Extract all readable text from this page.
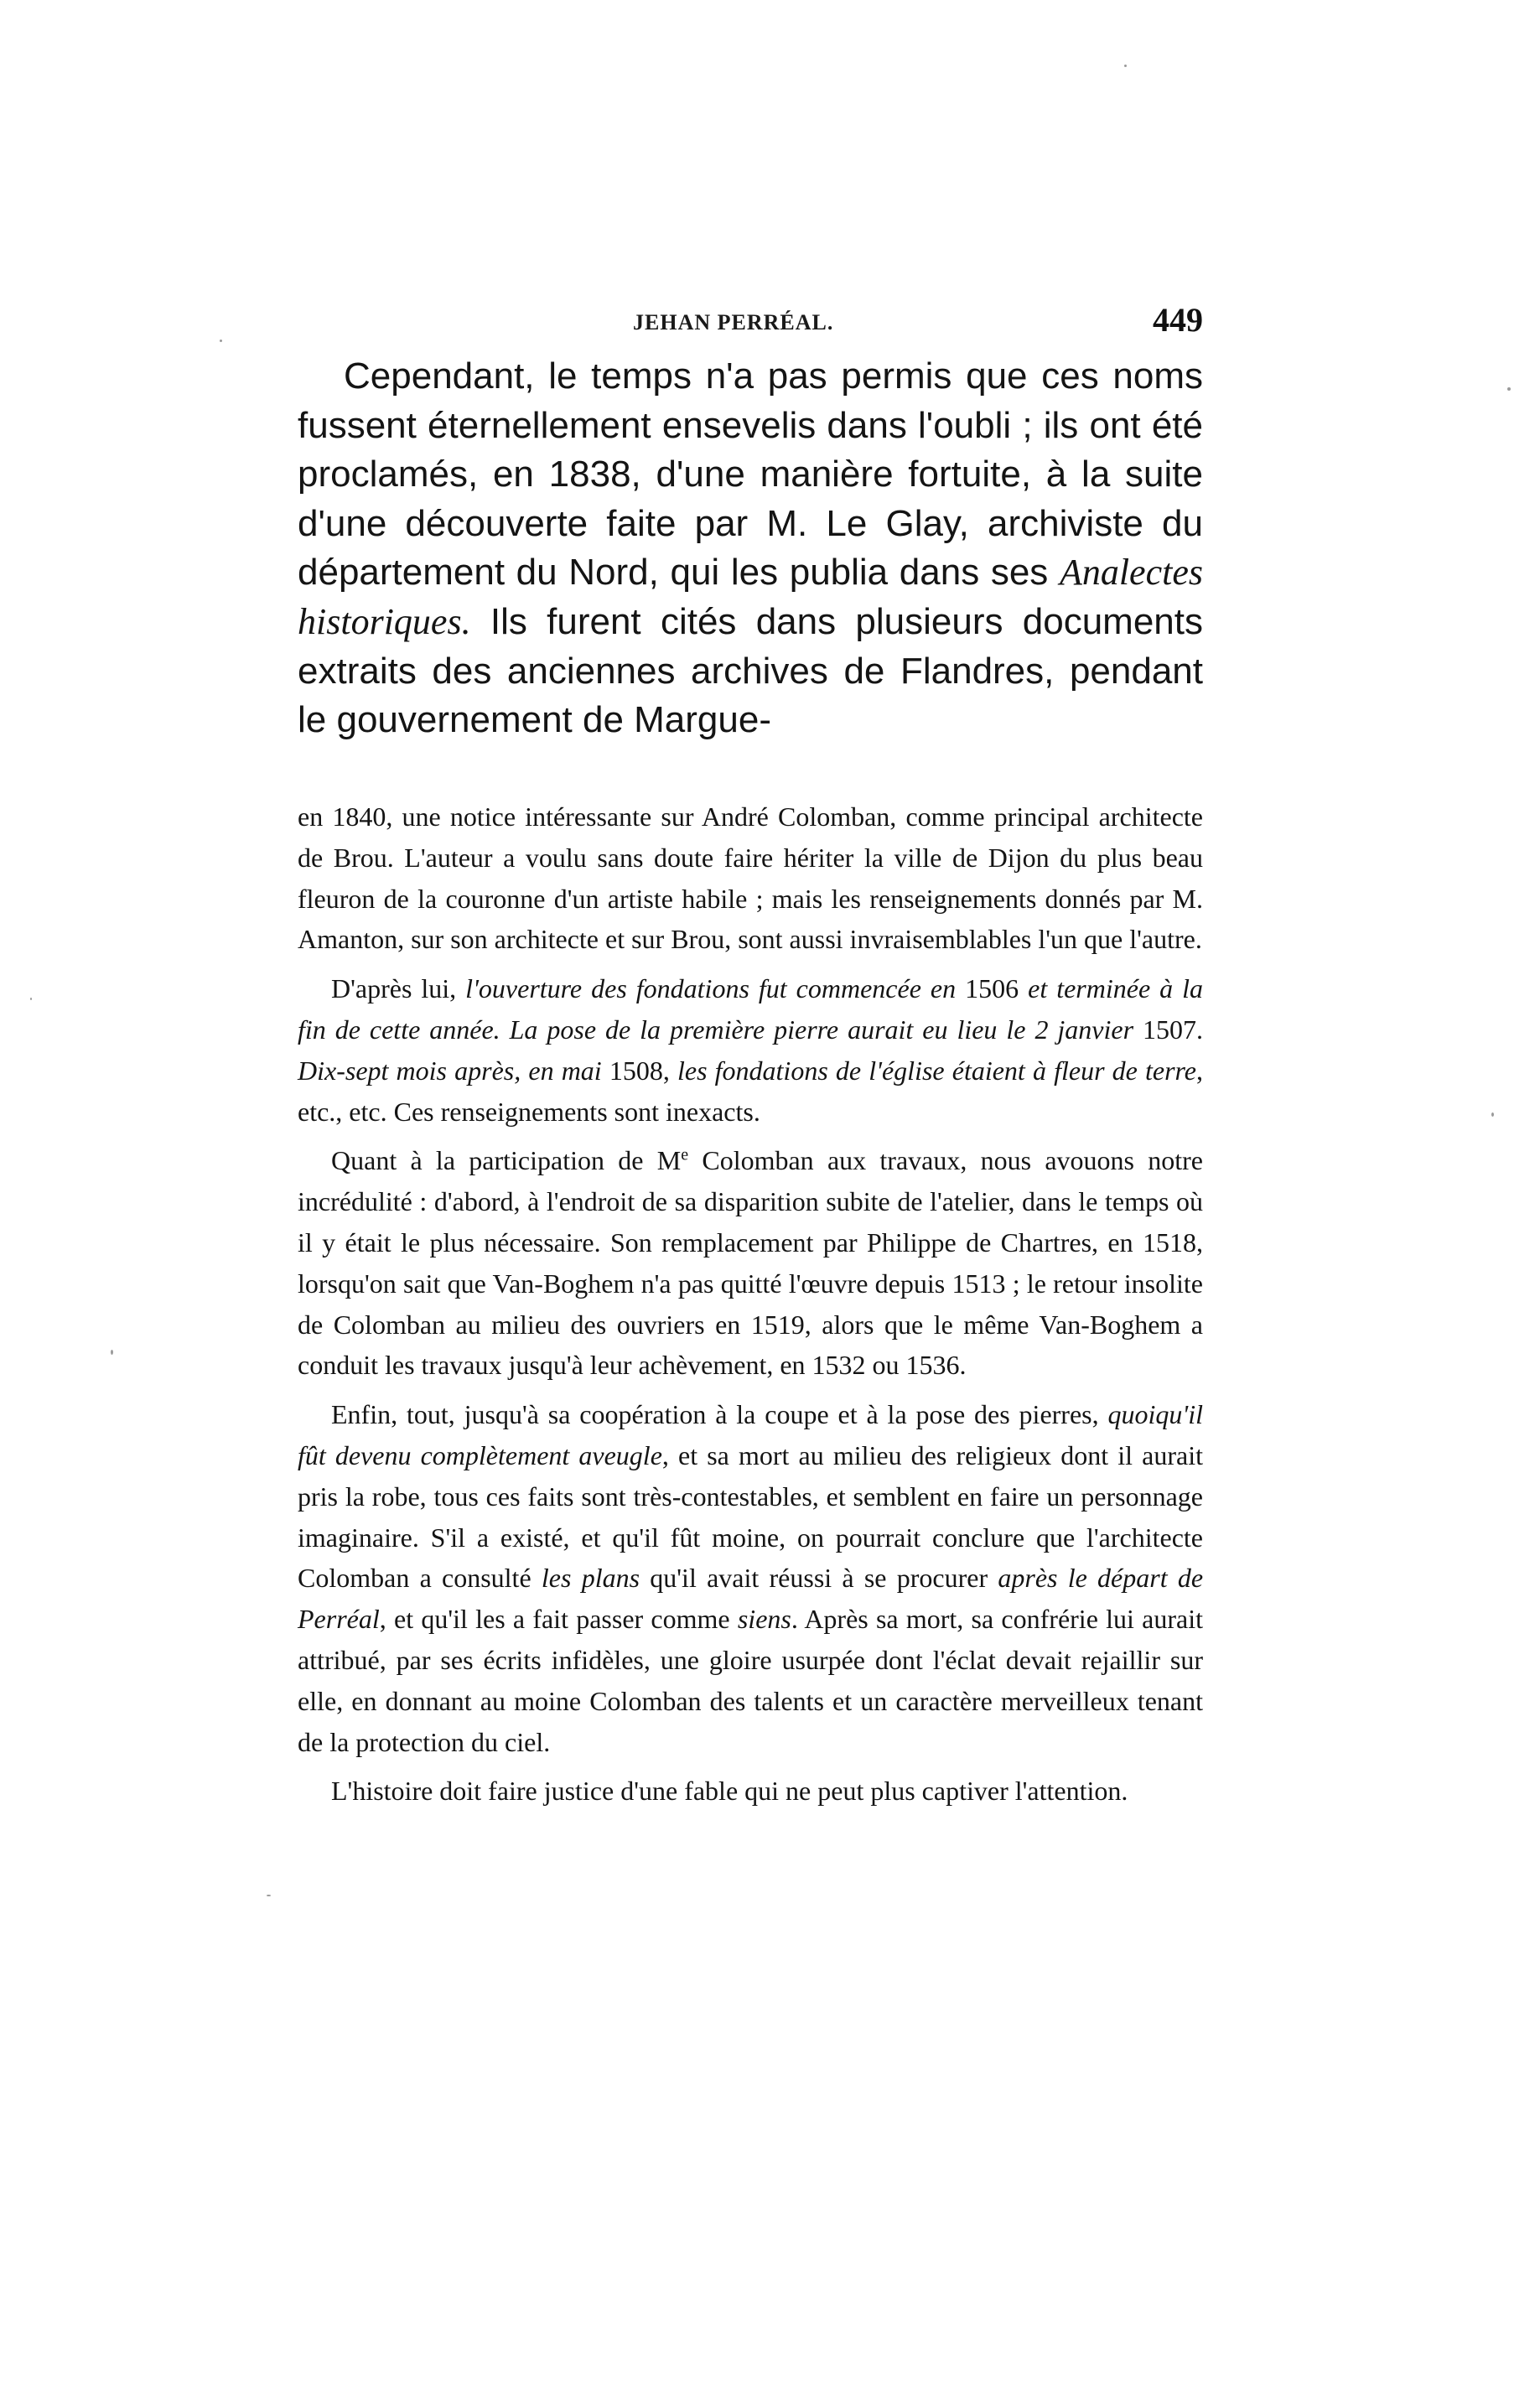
JEHAN PERRÉAL.	449

Cependant, le temps n'a pas permis que ces noms fussent éternellement ensevelis dans l'oubli ; ils ont été proclamés, en 1838, d'une manière fortuite, à la suite d'une découverte faite par M. Le Glay, archiviste du département du Nord, qui les publia dans ses Analectes historiques. Ils furent cités dans plusieurs documents extraits des anciennes archives de Flandres, pendant le gouvernement de Margue-

en 1840, une notice intéressante sur André Colomban, comme principal architecte de Brou. L'auteur a voulu sans doute faire hériter la ville de Dijon du plus beau fleuron de la couronne d'un artiste habile ; mais les renseignements donnés par M. Amanton, sur son architecte et sur Brou, sont aussi invraisemblables l'un que l'autre.

D'après lui, l'ouverture des fondations fut commencée en 1506 et terminée à la fin de cette année. La pose de la première pierre aurait eu lieu le 2 janvier 1507. Dix-sept mois après, en mai 1508, les fondations de l'église étaient à fleur de terre, etc., etc. Ces renseignements sont inexacts.

Quant à la participation de Me Colomban aux travaux, nous avouons notre incrédulité : d'abord, à l'endroit de sa disparition subite de l'atelier, dans le temps où il y était le plus nécessaire. Son remplacement par Philippe de Chartres, en 1518, lorsqu'on sait que Van-Boghem n'a pas quitté l'œuvre depuis 1513 ; le retour insolite de Colomban au milieu des ouvriers en 1519, alors que le même Van-Boghem a conduit les travaux jusqu'à leur achèvement, en 1532 ou 1536.

Enfin, tout, jusqu'à sa coopération à la coupe et à la pose des pierres, quoiqu'il fût devenu complètement aveugle, et sa mort au milieu des religieux dont il aurait pris la robe, tous ces faits sont très-contestables, et semblent en faire un personnage imaginaire. S'il a existé, et qu'il fût moine, on pourrait conclure que l'architecte Colomban a consulté les plans qu'il avait réussi à se procurer après le départ de Perréal, et qu'il les a fait passer comme siens. Après sa mort, sa confrérie lui aurait attribué, par ses écrits infidèles, une gloire usurpée dont l'éclat devait rejaillir sur elle, en donnant au moine Colomban des talents et un caractère merveilleux tenant de la protection du ciel.

L'histoire doit faire justice d'une fable qui ne peut plus captiver l'attention.
